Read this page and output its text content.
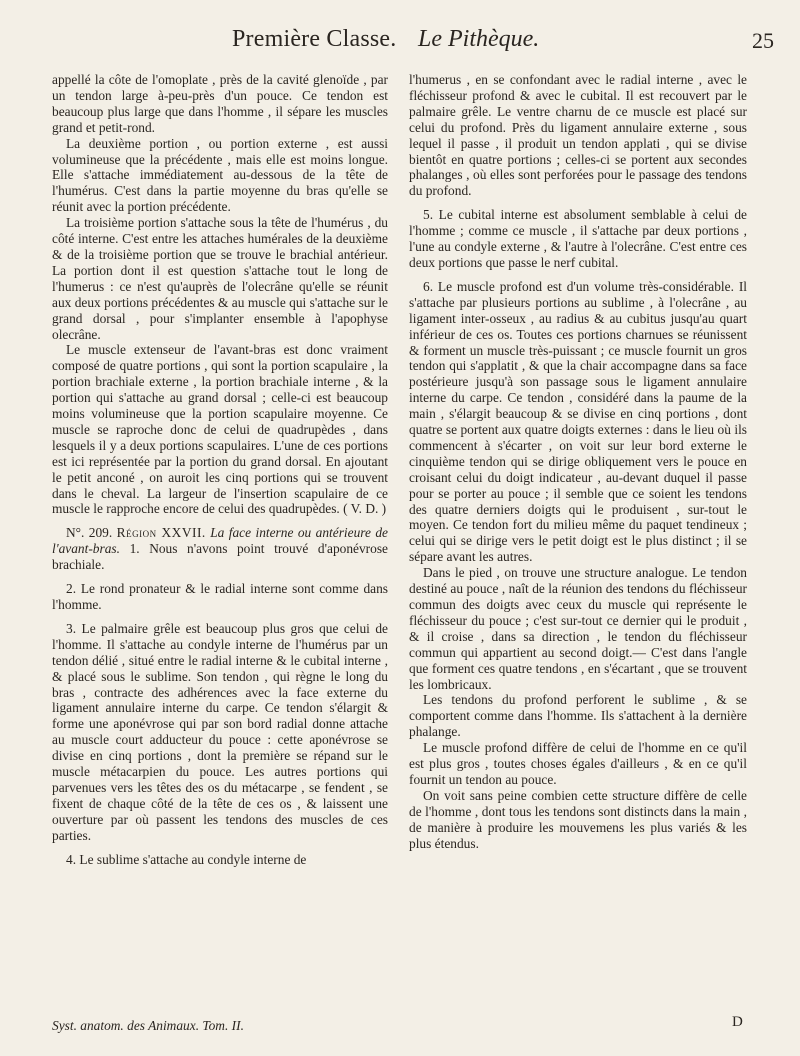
Première Classe. Le Pithèque.	25

appellé la côte de l'omoplate , près de la cavité glenoïde , par un tendon large à-peu-près d'un pouce. Ce tendon est beaucoup plus large que dans l'homme , il sépare les muscles grand et petit-rond.

La deuxième portion , ou portion externe , est aussi volumineuse que la précédente , mais elle est moins longue. Elle s'attache immédiatement au-dessous de la tête de l'humérus. C'est dans la partie moyenne du bras qu'elle se réunit avec la portion précédente.

La troisième portion s'attache sous la tête de l'humérus , du côté interne. C'est entre les attaches humérales de la deuxième & de la troisième portion que se trouve le brachial antérieur. La portion dont il est question s'attache tout le long de l'humerus : ce n'est qu'auprès de l'olecrâne qu'elle se réunit aux deux portions précédentes & au muscle qui s'attache sur le grand dorsal , pour s'implanter ensemble à l'apophyse olecrâne.

Le muscle extenseur de l'avant-bras est donc vraiment composé de quatre portions , qui sont la portion scapulaire , la portion brachiale externe , la portion brachiale interne , & la portion qui s'attache au grand dorsal ; celle-ci est beaucoup moins volumineuse que la portion scapulaire moyenne. Ce muscle se raproche donc de celui de quadrupèdes , dans lesquels il y a deux portions scapulaires. L'une de ces portions est ici représentée par la portion du grand dorsal. En ajoutant le petit anconé , on auroit les cinq portions qui se trouvent dans le cheval. La largeur de l'insertion scapulaire de ce muscle le rapproche encore de celui des quadrupèdes. ( V. D. )

N°. 209. Région XXVII. La face interne ou antérieure de l'avant-bras. 1. Nous n'avons point trouvé d'aponévrose brachiale.

2. Le rond pronateur & le radial interne sont comme dans l'homme.

3. Le palmaire grêle est beaucoup plus gros que celui de l'homme. Il s'attache au condyle interne de l'humérus par un tendon délié , situé entre le radial interne & le cubital interne , & placé sous le sublime. Son tendon , qui règne le long du bras , contracte des adhérences avec la face externe du ligament annulaire interne du carpe. Ce tendon s'élargit & forme une aponévrose qui par son bord radial donne attache au muscle court adducteur du pouce : cette aponévrose se divise en cinq portions , dont la première se répand sur le muscle métacarpien du pouce. Les autres portions qui parvenues vers les têtes des os du métacarpe , se fendent , se fixent de chaque côté de la tête de ces os , & laissent une ouverture par où passent les tendons des muscles de ces parties.

4. Le sublime s'attache au condyle interne de

l'humerus , en se confondant avec le radial interne , avec le fléchisseur profond & avec le cubital. Il est recouvert par le palmaire grêle. Le ventre charnu de ce muscle est placé sur celui du profond. Près du ligament annulaire externe , sous lequel il passe , il produit un tendon applati , qui se divise bientôt en quatre portions ; celles-ci se portent aux secondes phalanges , où elles sont perforées pour le passage des tendons du profond.

5. Le cubital interne est absolument semblable à celui de l'homme ; comme ce muscle , il s'attache par deux portions , l'une au condyle externe , & l'autre à l'olecrâne. C'est entre ces deux portions que passe le nerf cubital.

6. Le muscle profond est d'un volume très-considérable. Il s'attache par plusieurs portions au sublime , à l'olecrâne , au ligament inter-osseux , au radius & au cubitus jusqu'au quart inférieur de ces os. Toutes ces portions charnues se réunissent & forment un muscle très-puissant ; ce muscle fournit un gros tendon qui s'applatit , & que la chair accompagne dans sa face postérieure jusqu'à son passage sous le ligament annulaire interne du carpe. Ce tendon , considéré dans la paume de la main , s'élargit beaucoup & se divise en cinq portions , dont quatre se portent aux quatre doigts externes : dans le lieu où ils commencent à s'écarter , on voit sur leur bord externe le cinquième tendon qui se dirige obliquement vers le pouce en croisant celui du doigt indicateur , au-devant duquel il passe pour se porter au pouce ; il semble que ce soient les tendons des quatre derniers doigts qui le produisent , sur-tout le moyen. Ce tendon fort du milieu même du paquet tendineux ; celui qui se dirige vers le petit doigt est le plus distinct ; il se sépare avant les autres.

Dans le pied , on trouve une structure analogue. Le tendon destiné au pouce , naît de la réunion des tendons du fléchisseur commun des doigts avec ceux du muscle qui représente le fléchisseur du pouce ; c'est sur-tout ce dernier qui le produit , & il croise , dans sa direction , le tendon du fléchisseur commun qui appartient au second doigt.— C'est dans l'angle que forment ces quatre tendons , en s'écartant , que se trouvent les lombricaux.

Les tendons du profond perforent le sublime , & se comportent comme dans l'homme. Ils s'attachent à la dernière phalange.

Le muscle profond diffère de celui de l'homme en ce qu'il est plus gros , toutes choses égales d'ailleurs , & en ce qu'il fournit un tendon au pouce.

On voit sans peine combien cette structure diffère de celle de l'homme , dont tous les tendons sont distincts dans la main , de manière à produire les mouvemens les plus variés & les plus étendus.

Syst. anatom. des Animaux. Tom. II.	D
